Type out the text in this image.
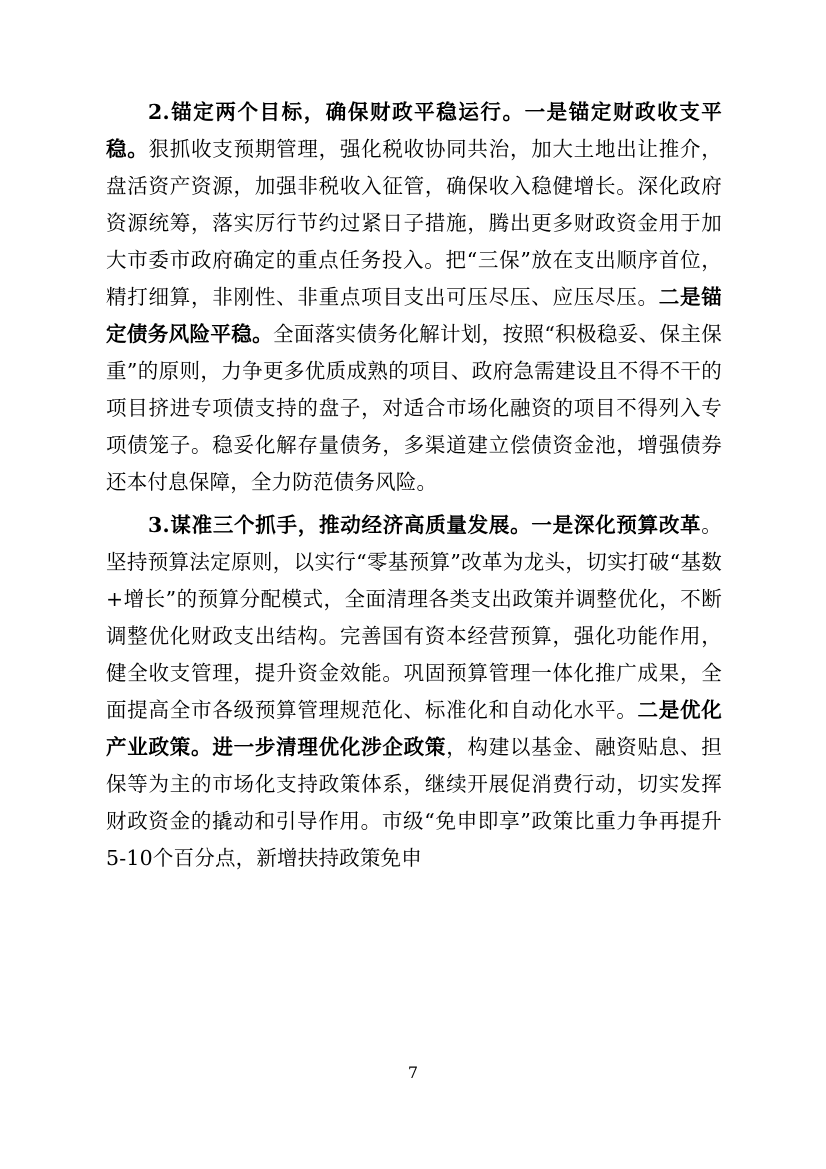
2.锚定两个目标，确保财政平稳运行。一是锚定财政收支平稳。狠抓收支预期管理，强化税收协同共治，加大土地出让推介，盘活资产资源，加强非税收入征管，确保收入稳健增长。深化政府资源统筹，落实厉行节约过紧日子措施，腾出更多财政资金用于加大市委市政府确定的重点任务投入。把“三保”放在支出顺序首位，精打细算，非刚性、非重点项目支出可压尽压、应压尽压。二是锚定债务风险平稳。全面落实债务化解计划，按照“积极稳妥、保主保重”的原则，力争更多优质成熟的项目、政府急需建设且不得不干的项目挤进专项债支持的盘子，对适合市场化融资的项目不得列入专项债笼子。稳妥化解存量债务，多渠道建立偿债资金池，增强债券还本付息保障，全力防范债务风险。

3.谋准三个抓手，推动经济高质量发展。一是深化预算改革。坚持预算法定原则，以实行“零基预算”改革为龙头，切实打破“基数+增长”的预算分配模式，全面清理各类支出政策并调整优化，不断调整优化财政支出结构。完善国有资本经营预算，强化功能作用，健全收支管理，提升资金效能。巩固预算管理一体化推广成果，全面提高全市各级预算管理规范化、标准化和自动化水平。二是优化产业政策。进一步清理优化涉企政策，构建以基金、融资贴息、担保等为主的市场化支持政策体系，继续开展促消费行动，切实发挥财政资金的撬动和引导作用。市级“免申即享”政策比重力争再提升5-10个百分点，新增扶持政策免申

7
